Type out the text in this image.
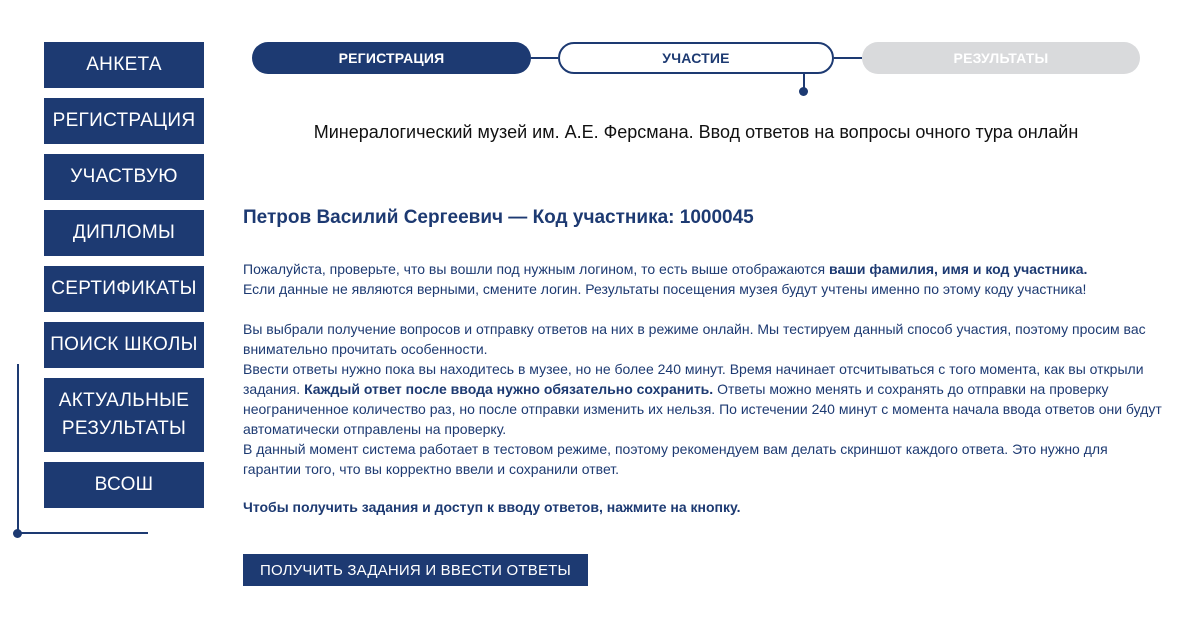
АНКЕТА
РЕГИСТРАЦИЯ
УЧАСТВУЮ
ДИПЛОМЫ
СЕРТИФИКАТЫ
ПОИСК ШКОЛЫ
АКТУАЛЬНЫЕ
РЕЗУЛЬТАТЫ
ВСОШ
РЕГИСТРАЦИЯ	УЧАСТИЕ	РЕЗУЛЬТАТЫ
Минералогический музей им. А.Е. Ферсмана. Ввод ответов на вопросы очного тура онлайн
Петров Василий Сергеевич — Код участника: 1000045

Пожалуйста, проверьте, что вы вошли под нужным логином, то есть выше отображаются ваши фамилия, имя и код участника.
Если данные не являются верными, смените логин. Результаты посещения музея будут учтены именно по этому коду участника!

Вы выбрали получение вопросов и отправку ответов на них в режиме онлайн. Мы тестируем данный способ участия, поэтому просим вас внимательно прочитать особенности.

Ввести ответы нужно пока вы находитесь в музее, но не более 240 минут. Время начинает отсчитываться с того момента, как вы открыли задания. Каждый ответ после ввода нужно обязательно сохранить. Ответы можно менять и сохранять до отправки на проверку неограниченное количество раз, но после отправки изменить их нельзя. По истечении 240 минут с момента начала ввода ответов они будут автоматически отправлены на проверку.

В данный момент система работает в тестовом режиме, поэтому рекомендуем вам делать скриншот каждого ответа. Это нужно для гарантии того, что вы корректно ввели и сохранили ответ.

Чтобы получить задания и доступ к вводу ответов, нажмите на кнопку.

ПОЛУЧИТЬ ЗАДАНИЯ И ВВЕСТИ ОТВЕТЫ
